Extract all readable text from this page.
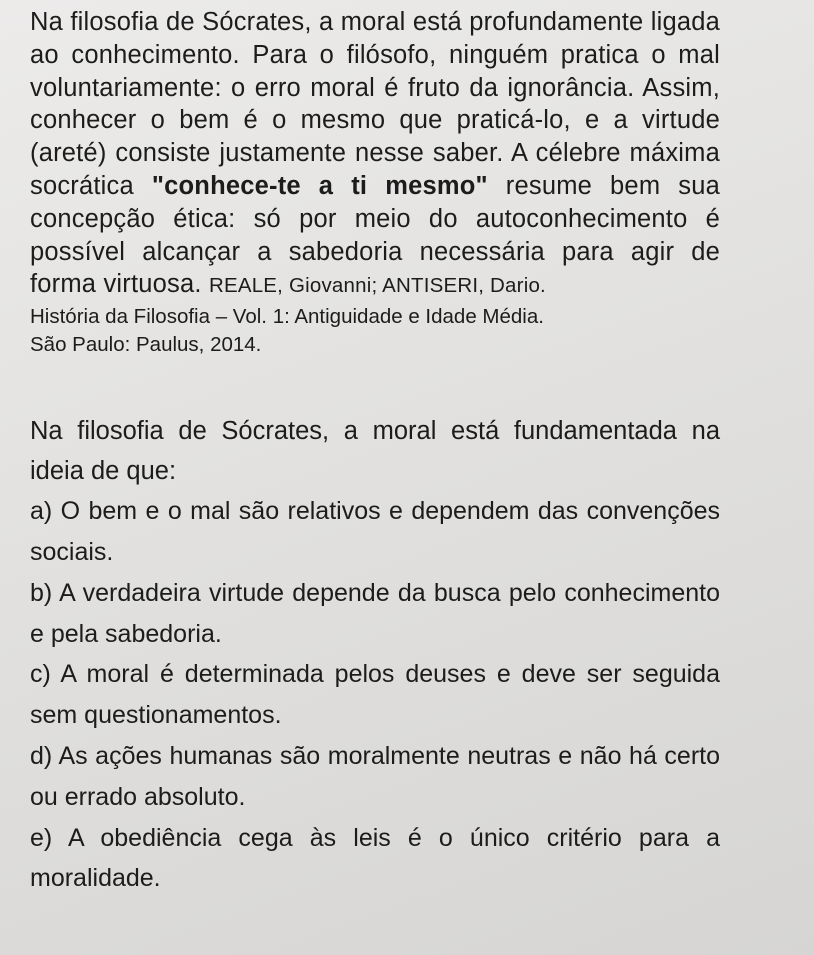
Na filosofia de Sócrates, a moral está profundamente ligada ao conhecimento. Para o filósofo, ninguém pratica o mal voluntariamente: o erro moral é fruto da ignorância. Assim, conhecer o bem é o mesmo que praticá-lo, e a virtude (areté) consiste justamente nesse saber. A célebre máxima socrática "conhece-te a ti mesmo" resume bem sua concepção ética: só por meio do autoconhecimento é possível alcançar a sabedoria necessária para agir de forma virtuosa. REALE, Giovanni; ANTISERI, Dario.

História da Filosofia – Vol. 1: Antiguidade e Idade Média.
São Paulo: Paulus, 2014.

Na filosofia de Sócrates, a moral está fundamentada na ideia de que:

a) O bem e o mal são relativos e dependem das convenções sociais.
b) A verdadeira virtude depende da busca pelo conhecimento e pela sabedoria.
c) A moral é determinada pelos deuses e deve ser seguida sem questionamentos.
d) As ações humanas são moralmente neutras e não há certo ou errado absoluto.
e) A obediência cega às leis é o único critério para a moralidade.
